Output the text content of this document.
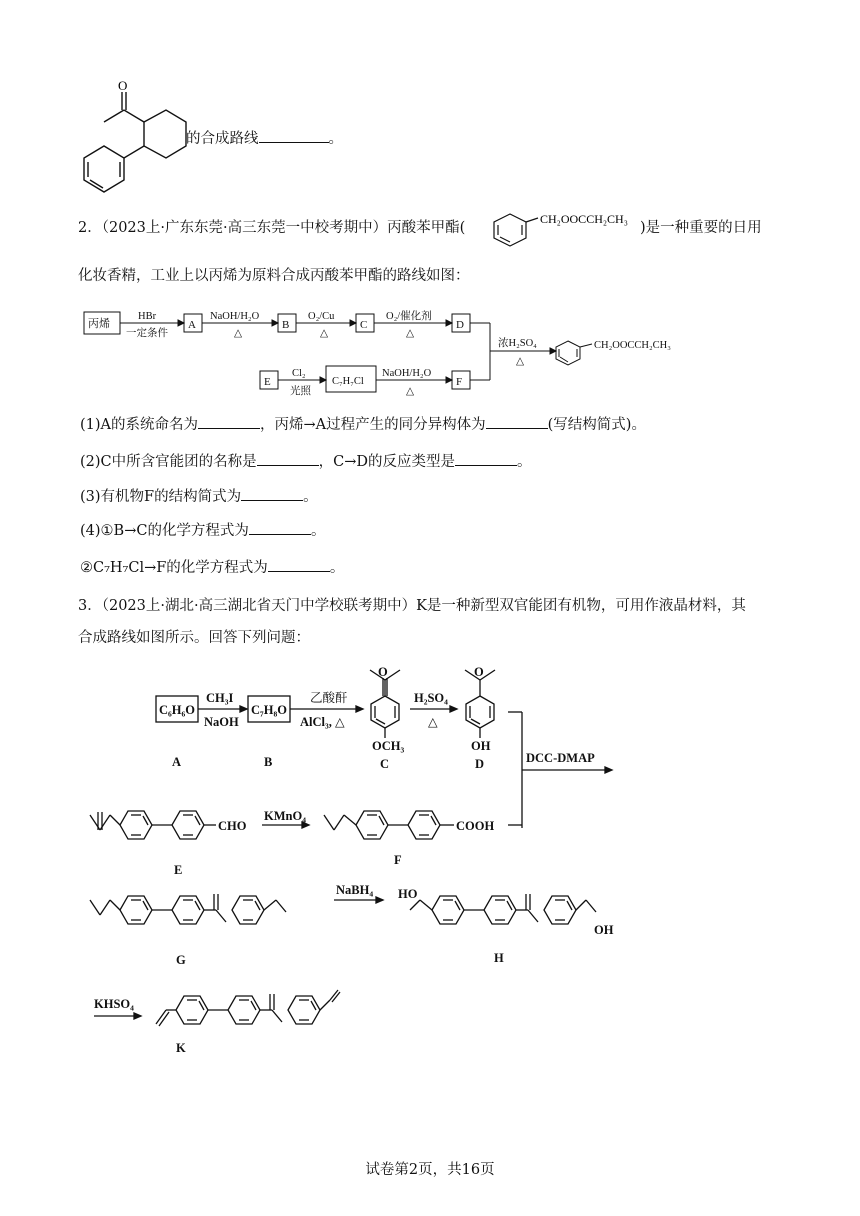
O
的合成路线	。
2．（2023上·广东东莞·高三东莞一中校考期中）丙酸苯甲酯(
CH₂OOCCH₂CH₃
)是一种重要的日用
化妆香精，工业上以丙烯为原料合成丙酸苯甲酯的路线如图：
丙烯
HBr
一定条件
A
NaOH/H₂O
△
B
O₂/Cu
△
C
O₂/催化剂
△
D
浓H₂SO₄
△
CH₂OOCCH₂CH₃
E
Cl₂
光照
C₇H₇Cl
NaOH/H₂O
△
F
(1)A的系统命名为	，丙烯→A过程产生的同分异构体为	(写结构简式)。
(2)C中所含官能团的名称是	，C→D的反应类型是	。
(3)有机物F的结构简式为	。
(4)①B→C的化学方程式为	。
②C₇H₇Cl→F的化学方程式为	。
3．（2023上·湖北·高三湖北省天门中学校联考期中）K是一种新型双官能团有机物，可用作液晶材料，其
合成路线如图所示。回答下列问题：
C₆H₆O
A
CH₃I
NaOH
C₇H₈O
B
乙酸酐
AlCl₃, △
O
OCH₃
C
H₂SO₄
△
O
OH
D	DCC-DMAP
CHO
E
KMnO₄
COOH
F
G
NaBH₄ HO
OH
H
KHSO₄
K
试卷第2页，共16页
